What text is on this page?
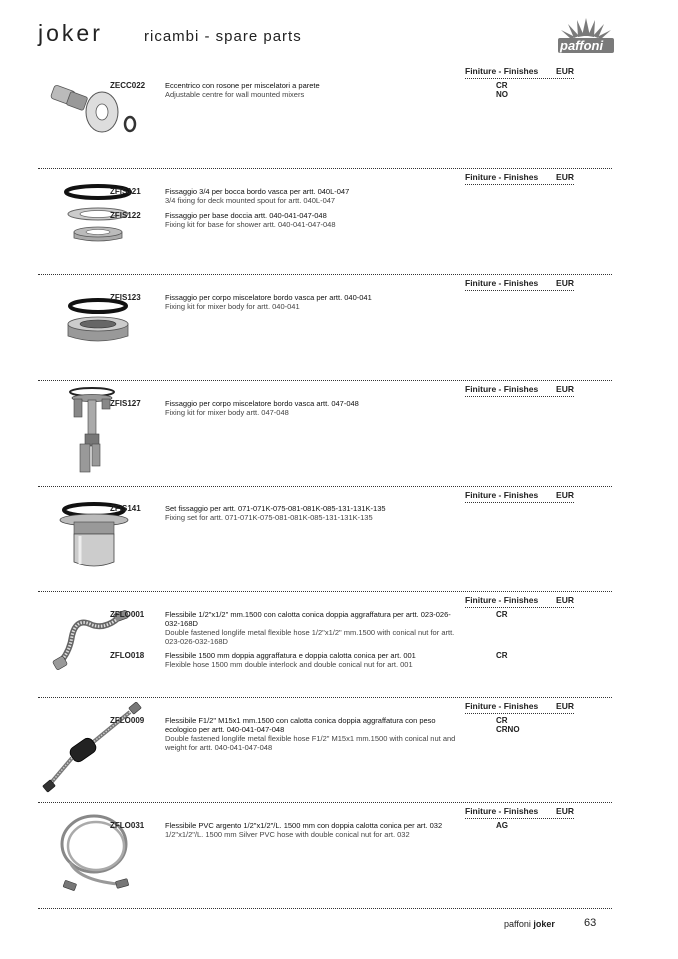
joker	ricambi - spare parts
paffoni
Finiture - Finishes EUR
ZECC022	Eccentrico con rosone per miscelatori a parete
Adjustable centre for wall mounted mixers
CR
NO
Finiture - Finishes EUR
ZFIS121	Fissaggio 3/4 per bocca bordo vasca per artt. 040L-047
3/4 fixing for deck mounted spout for artt. 040L-047
ZFIS122	Fissaggio per base doccia artt. 040-041-047-048
Fixing kit for base for shower artt. 040-041-047-048
Finiture - Finishes EUR
ZFIS123	Fissaggio per corpo miscelatore bordo vasca per artt. 040-041
Fixing kit for mixer body for artt. 040-041
Finiture - Finishes EUR
ZFIS127	Fissaggio per corpo miscelatore bordo vasca artt. 047-048
Fixing kit for mixer body artt. 047-048
Finiture - Finishes EUR
ZFIS141	Set fissaggio per artt. 071-071K-075-081-081K-085-131-131K-135
Fixing set for artt. 071-071K-075-081-081K-085-131-131K-135
Finiture - Finishes EUR
ZFLO001	Flessibile 1/2"x1/2" mm.1500 con calotta conica doppia aggraffatura per artt. 023-026-032-168D
Double fastened longlife metal flexible hose 1/2"x1/2" mm.1500 with conical nut for artt. 023-026-032-168D
CR
ZFLO018	Flessibile 1500 mm doppia aggraffatura e doppia calotta conica per art. 001
Flexible hose 1500 mm double interlock and double conical nut for art. 001
CR
Finiture - Finishes EUR
ZFLO009	Flessibile F1/2" M15x1 mm.1500 con calotta conica doppia aggraffatura con peso ecologico per artt. 040-041-047-048
Double fastened longlife metal flexible hose F1/2" M15x1 mm.1500 with conical nut and weight for artt. 040-041-047-048
CR
CRNO
Finiture - Finishes EUR
ZFLO031	Flessibile PVC argento 1/2"x1/2"/L. 1500 mm con doppia calotta conica per art. 032
1/2"x1/2"/L. 1500 mm Silver PVC hose with double conical nut for art. 032
AG
paffoni joker	63
